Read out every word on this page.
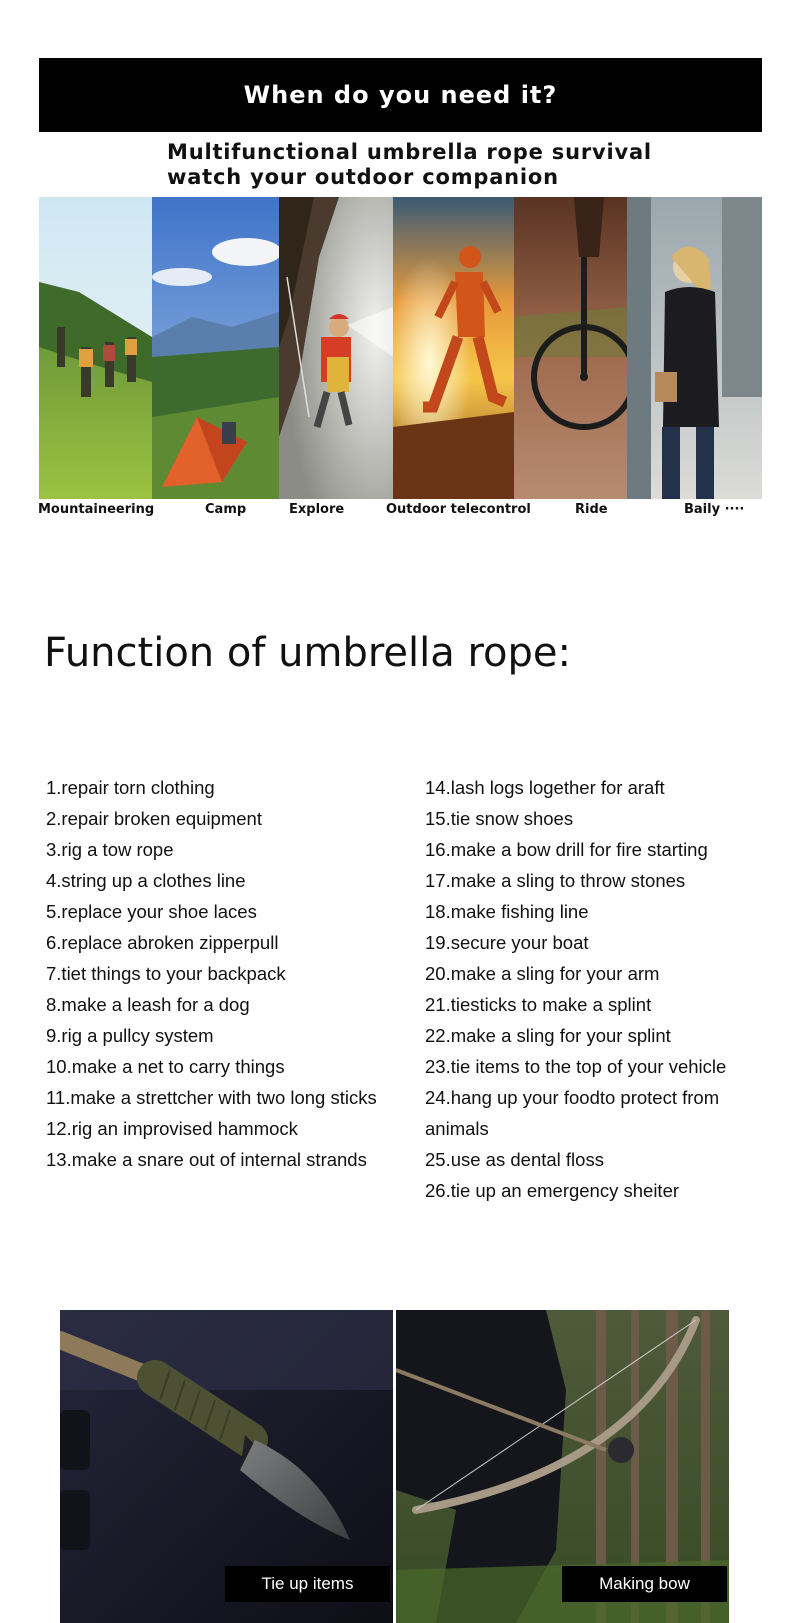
When do you need it?
Multifunctional umbrella rope survival
watch your outdoor companion
Mountaineering	Camp	Explore	Outdoor telecontrol	Ride	Baily ····
Function of umbrella rope:
1.repair torn clothing
2.repair broken equipment
3.rig a tow rope
4.string up a clothes line
5.replace your shoe laces
6.replace abroken zipperpull
7.tiet things to your backpack
8.make a leash for a dog
9.rig a pullcy system
10.make a net to carry things
11.make a strettcher with two long sticks
12.rig an improvised hammock
13.make a snare out of internal strands
14.lash logs logether for araft
15.tie snow shoes
16.make a bow drill for fire starting
17.make a sling to throw stones
18.make fishing line
19.secure your boat
20.make a sling for your arm
21.tiesticks to make a splint
22.make a sling for your splint
23.tie items to the top of your vehicle
24.hang up your foodto protect from animals
25.use as dental floss
26.tie up an emergency sheiter
Tie up items	Making bow
